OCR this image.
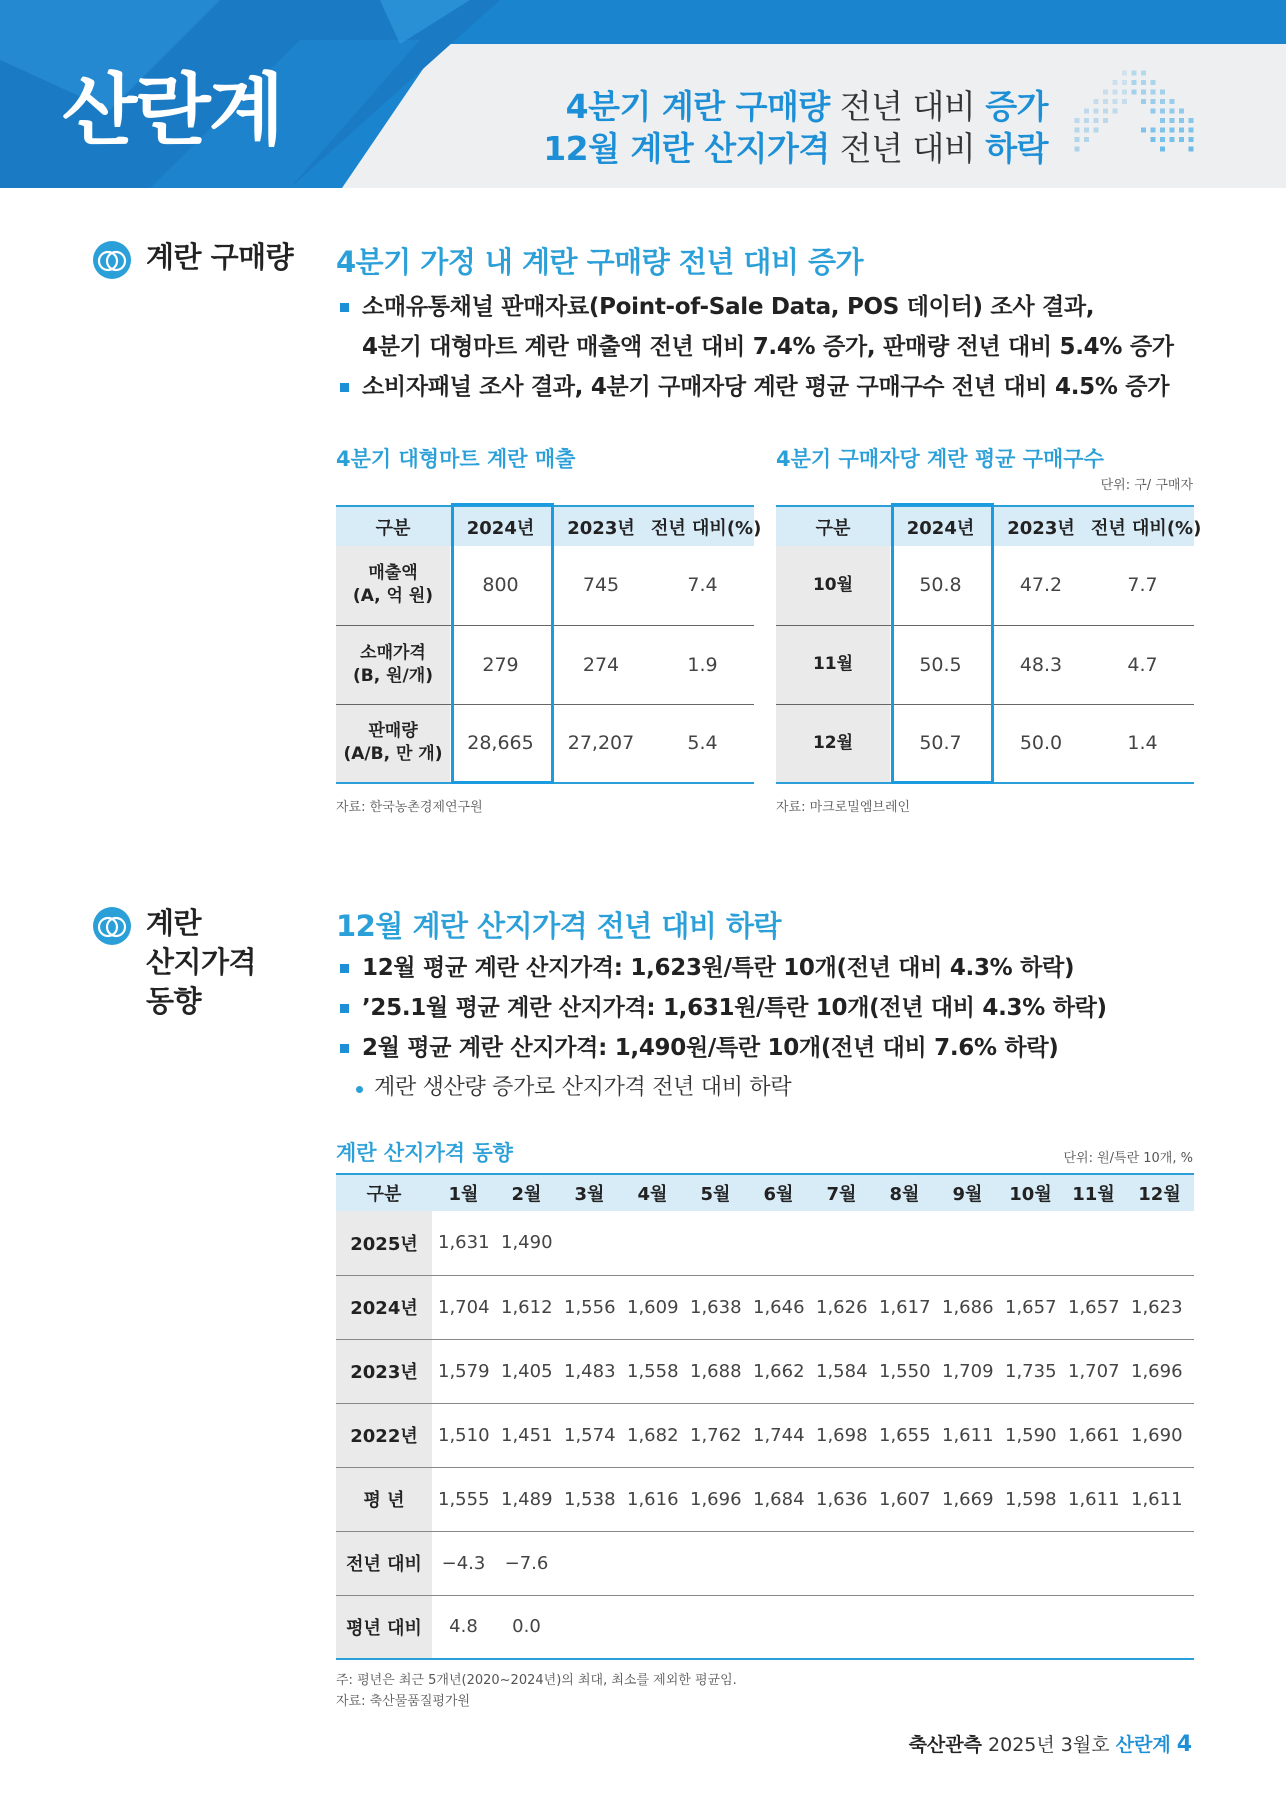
산란계	4분기 계란 구매량 전년 대비 증가
12월 계란 산지가격 전년 대비 하락
계란 구매량 4분기 가정 내 계란 구매량 전년 대비 증가
소매유통채널 판매자료(Point-of-Sale Data, POS 데이터) 조사 결과,
4분기 대형마트 계란 매출액 전년 대비 7.4% 증가, 판매량 전년 대비 5.4% 증가
소비자패널 조사 결과, 4분기 구매자당 계란 평균 구매구수 전년 대비 4.5% 증가
4분기 대형마트 계란 매출	4분기 구매자당 계란 평균 구매구수
단위: 구/ 구매자
구분	2024년	2023년	전년 대비(%)
매출액
(A, 억 원)	800	745	7.4
소매가격
(B, 원/개)	279	274	1.9
판매량
(A/B, 만 개)	28,665	27,207	5.4
구분	2024년	2023년	전년 대비(%)
10월	50.8	47.2	7.7
11월	50.5	48.3	4.7
12월	50.7	50.0	1.4
자료: 한국농촌경제연구원	자료: 마크로밀엠브레인
계란
산지가격
동향
12월 계란 산지가격 전년 대비 하락
12월 평균 계란 산지가격: 1,623원/특란 10개(전년 대비 4.3% 하락)
’25.1월 평균 계란 산지가격: 1,631원/특란 10개(전년 대비 4.3% 하락)
2월 평균 계란 산지가격: 1,490원/특란 10개(전년 대비 7.6% 하락)
계란 생산량 증가로 산지가격 전년 대비 하락
계란 산지가격 동향	단위: 원/특란 10개, %
구분	1월	2월	3월	4월	5월	6월	7월	8월	9월	10월	11월	12월
2025년	1,631	1,490										
2024년	1,704	1,612	1,556	1,609	1,638	1,646	1,626	1,617	1,686	1,657	1,657	1,623
2023년	1,579	1,405	1,483	1,558	1,688	1,662	1,584	1,550	1,709	1,735	1,707	1,696
2022년	1,510	1,451	1,574	1,682	1,762	1,744	1,698	1,655	1,611	1,590	1,661	1,690
평 년	1,555	1,489	1,538	1,616	1,696	1,684	1,636	1,607	1,669	1,598	1,611	1,611
전년 대비	−4.3	−7.6										
평년 대비	4.8	0.0										
주: 평년은 최근 5개년(2020~2024년)의 최대, 최소를 제외한 평균임.
자료: 축산물품질평가원
축산관측 2025년 3월호 산란계 4
